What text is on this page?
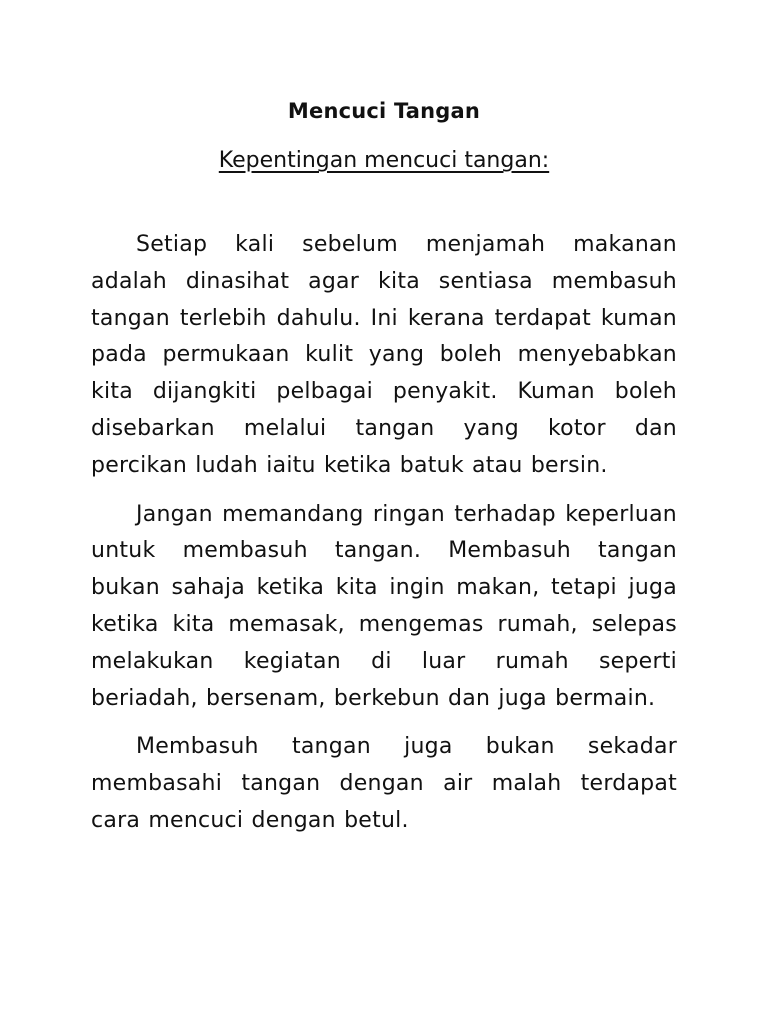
Mencuci Tangan
Kepentingan mencuci tangan:

Setiap kali sebelum menjamah makanan adalah dinasihat agar kita sentiasa membasuh tangan terlebih dahulu. Ini kerana terdapat kuman pada permukaan kulit yang boleh menyebabkan kita dijangkiti pelbagai penyakit. Kuman boleh disebarkan melalui tangan yang kotor dan percikan ludah iaitu ketika batuk atau bersin.

Jangan memandang ringan terhadap keperluan untuk membasuh tangan. Membasuh tangan bukan sahaja ketika kita ingin makan, tetapi juga ketika kita memasak, mengemas rumah, selepas melakukan kegiatan di luar rumah seperti beriadah, bersenam, berkebun dan juga bermain.

Membasuh tangan juga bukan sekadar membasahi tangan dengan air malah terdapat cara mencuci dengan betul.
